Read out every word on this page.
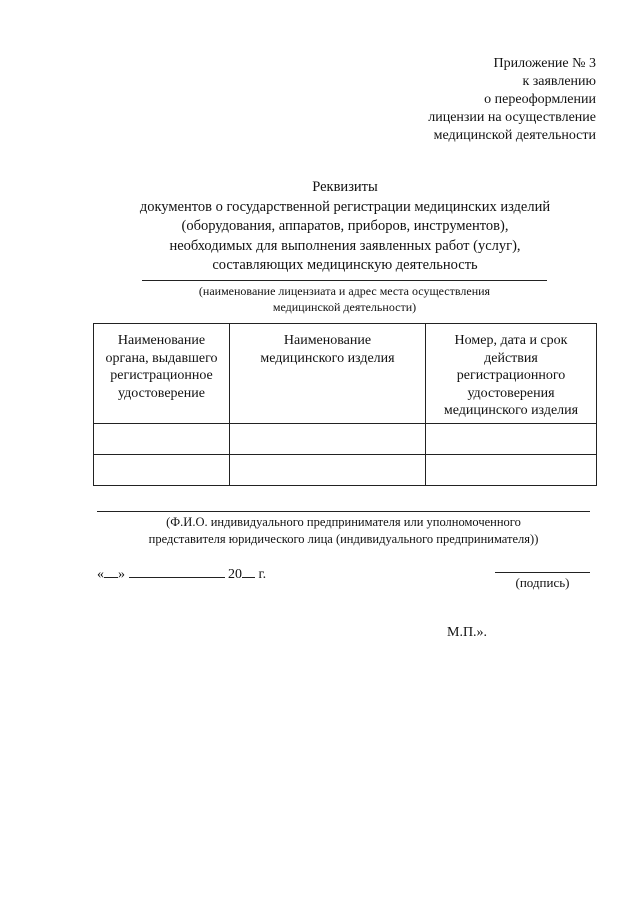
Приложение № 3
к заявлению
о переоформлении
лицензии на осуществление
медицинской деятельности
Реквизиты
документов о государственной регистрации медицинских изделий
(оборудования, аппаратов, приборов, инструментов),
необходимых для выполнения заявленных работ (услуг),
составляющих медицинскую деятельность
(наименование лицензиата и адрес места осуществления
медицинской деятельности)
Наименование органа, выдавшего регистрационное удостоверение	Наименование медицинского изделия	Номер, дата и срок действия регистрационного удостоверения медицинского изделия

(Ф.И.О. индивидуального предпринимателя или уполномоченного
представителя юридического лица (индивидуального предпринимателя))
« »	20 г.
(подпись)
М.П.».
